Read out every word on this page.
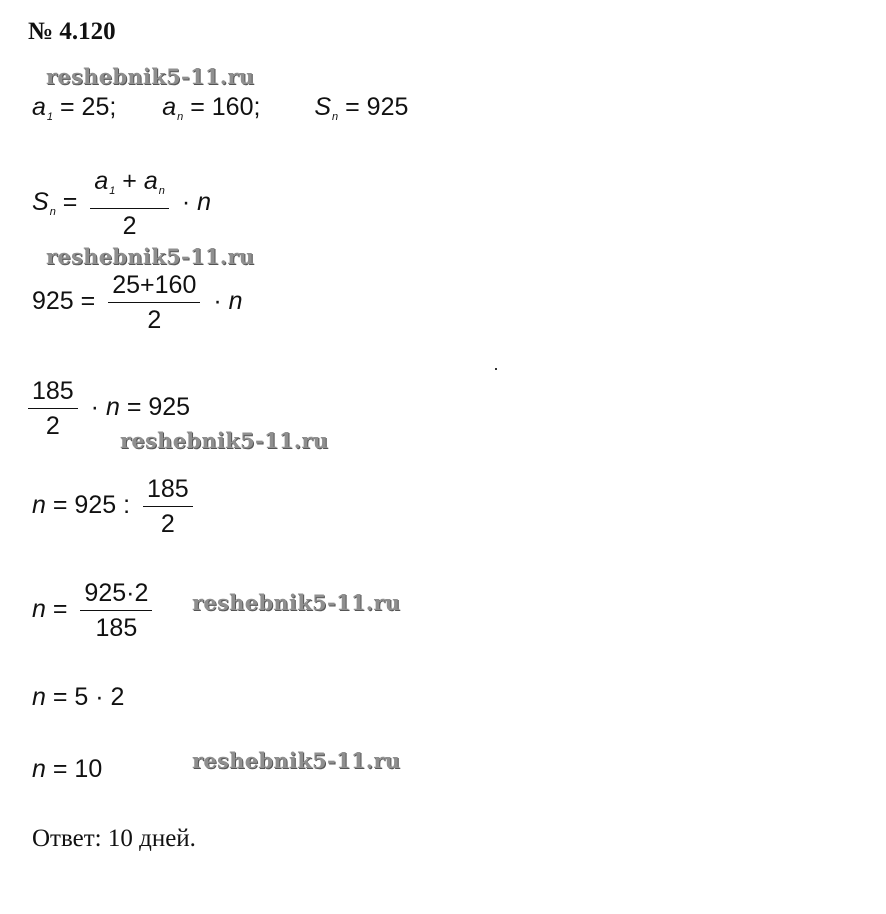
№ 4.120
reshebnik5-11.ru
$a_1 = 25$; $a_n = 160$; $S_n = 925$
$S_n = \frac{a_1 + a_n}{2} \cdot n$
reshebnik5-11.ru
$925 = \frac{25+160}{2} \cdot n$
$\frac{185}{2} \cdot n = 925$
reshebnik5-11.ru
n = 925 : $\frac{185}{2}$
$n = \frac{925\cdot 2}{185}$ reshebnik5-11.ru
n = 5 · 2
n = 10	reshebnik5-11.ru
Ответ: 10 дней.
